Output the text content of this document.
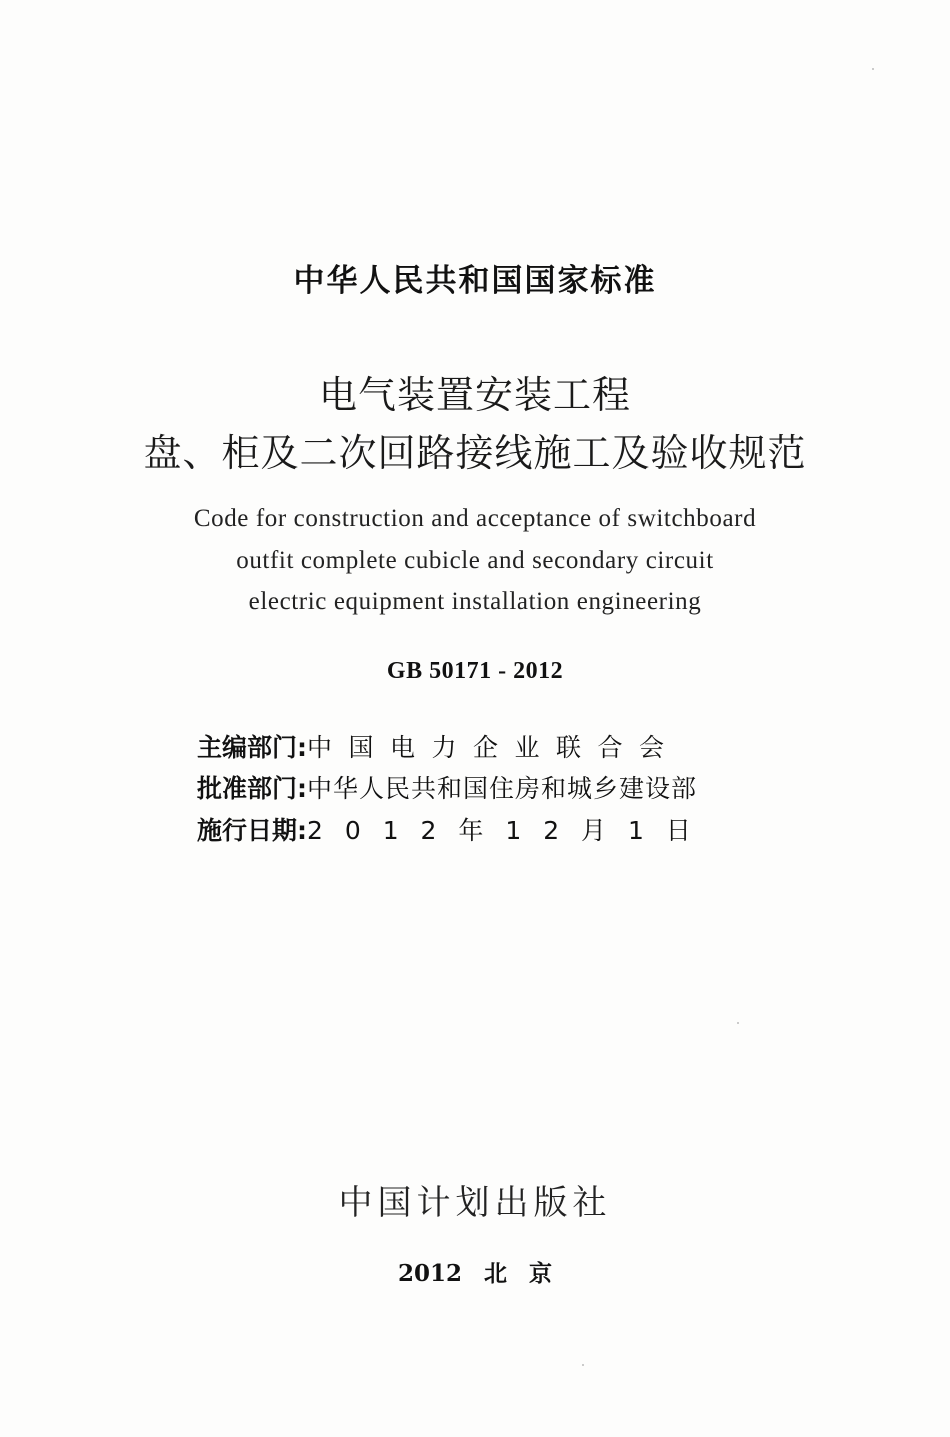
中华人民共和国国家标准
电气装置安装工程
盘、柜及二次回路接线施工及验收规范
Code for construction and acceptance of switchboard
outfit complete cubicle and secondary circuit
electric equipment installation engineering
GB 50171 - 2012
主编部门:中国电力企业联合会
批准部门:中华人民共和国住房和城乡建设部
施行日期:2 0 1 2 年 1 2 月 1 日
中国计划出版社
2012 北 京
